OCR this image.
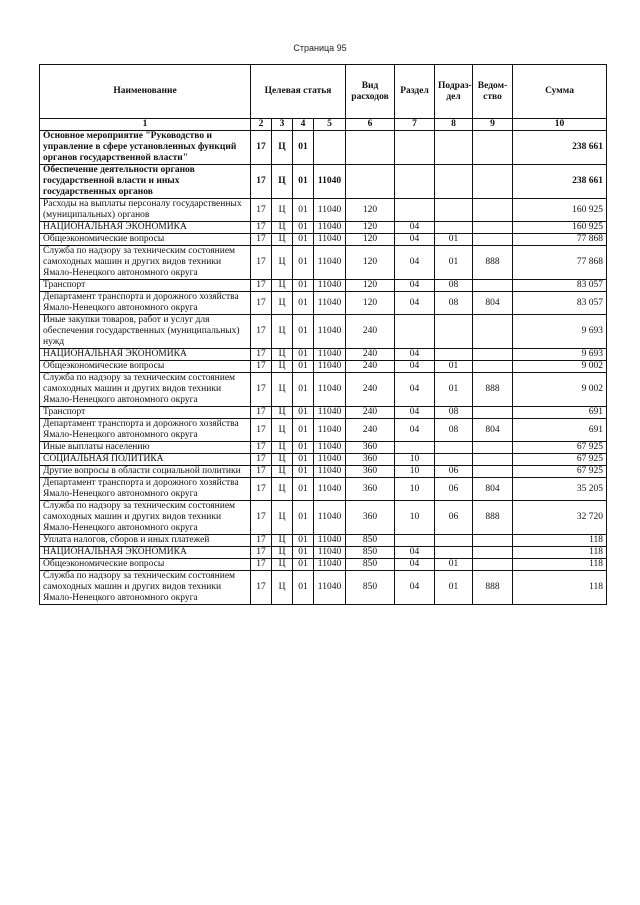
Страница 95
Наименование	Целевая статья				Вид расходов	Раздел	Подраз-дел	Ведом-ство	Сумма
1	2	3	4	5	6	7	8	9	10
Основное мероприятие "Руководство и управление в сфере установленных функций органов государственной власти"	17	Ц	01						238 661
Обеспечение деятельности органов государственной власти и иных государственных органов	17	Ц	01	11040					238 661
Расходы на выплаты персоналу государственных (муниципальных) органов	17	Ц	01	11040	120				160 925
НАЦИОНАЛЬНАЯ ЭКОНОМИКА	17	Ц	01	11040	120	04			160 925
Общеэкономические вопросы	17	Ц	01	11040	120	04	01		77 868
Служба по надзору за техническим состоянием самоходных машин и других видов техники Ямало-Ненецкого автономного округа	17	Ц	01	11040	120	04	01	888	77 868
Транспорт	17	Ц	01	11040	120	04	08		83 057
Департамент транспорта и дорожного хозяйства Ямало-Ненецкого автономного округа	17	Ц	01	11040	120	04	08	804	83 057
Иные закупки товаров, работ и услуг для обеспечения государственных (муниципальных) нужд	17	Ц	01	11040	240				9 693
НАЦИОНАЛЬНАЯ ЭКОНОМИКА	17	Ц	01	11040	240	04			9 693
Общеэкономические вопросы	17	Ц	01	11040	240	04	01		9 002
Служба по надзору за техническим состоянием самоходных машин и других видов техники Ямало-Ненецкого автономного округа	17	Ц	01	11040	240	04	01	888	9 002
Транспорт	17	Ц	01	11040	240	04	08		691
Департамент транспорта и дорожного хозяйства Ямало-Ненецкого автономного округа	17	Ц	01	11040	240	04	08	804	691
Иные выплаты населению	17	Ц	01	11040	360				67 925
СОЦИАЛЬНАЯ ПОЛИТИКА	17	Ц	01	11040	360	10			67 925
Другие вопросы в области социальной политики	17	Ц	01	11040	360	10	06		67 925
Департамент транспорта и дорожного хозяйства Ямало-Ненецкого автономного округа	17	Ц	01	11040	360	10	06	804	35 205
Служба по надзору за техническим состоянием самоходных машин и других видов техники Ямало-Ненецкого автономного округа	17	Ц	01	11040	360	10	06	888	32 720
Уплата налогов, сборов и иных платежей	17	Ц	01	11040	850				118
НАЦИОНАЛЬНАЯ ЭКОНОМИКА	17	Ц	01	11040	850	04			118
Общеэкономические вопросы	17	Ц	01	11040	850	04	01		118
Служба по надзору за техническим состоянием самоходных машин и других видов техники Ямало-Ненецкого автономного округа	17	Ц	01	11040	850	04	01	888	118
